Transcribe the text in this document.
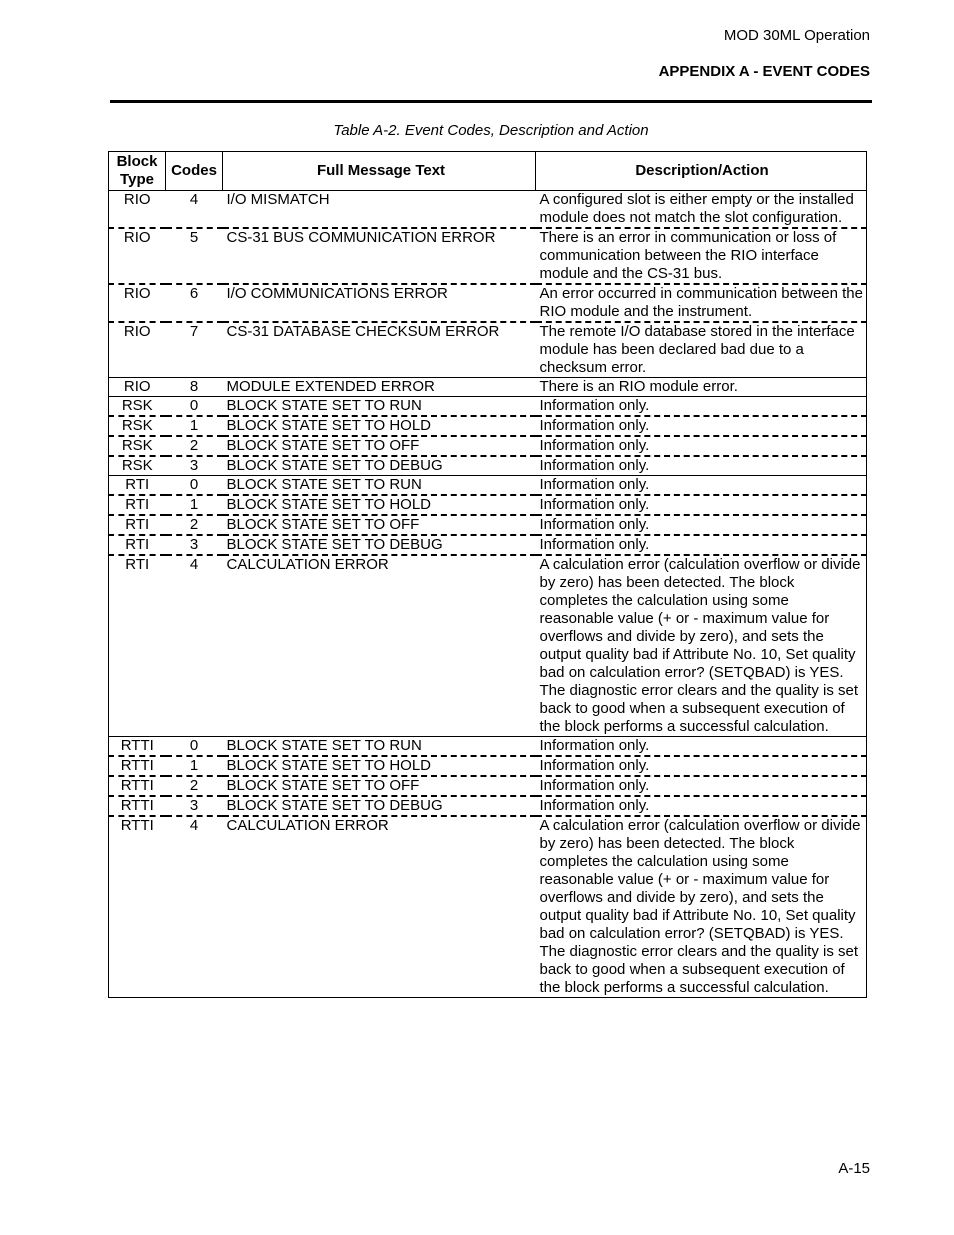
MOD 30ML Operation
APPENDIX A - EVENT CODES
Table A-2. Event Codes, Description and Action
Block
Type	Codes	Full Message Text	Description/Action
RIO	4	I/O MISMATCH	A configured slot is either empty or the installed module does not match the slot configuration.
RIO	5	CS-31 BUS COMMUNICATION ERROR	There is an error in communication or loss of communication between the RIO interface module and the CS-31 bus.
RIO	6	I/O COMMUNICATIONS ERROR	An error occurred in communication between the RIO module and the instrument.
RIO	7	CS-31 DATABASE CHECKSUM ERROR	The remote I/O database stored in the interface module has been declared bad due to a checksum error.
RIO	8	MODULE EXTENDED ERROR	There is an RIO module error.
RSK	0	BLOCK STATE SET TO RUN	Information only.
RSK	1	BLOCK STATE SET TO HOLD	Information only.
RSK	2	BLOCK STATE SET TO OFF	Information only.
RSK	3	BLOCK STATE SET TO DEBUG	Information only.
RTI	0	BLOCK STATE SET TO RUN	Information only.
RTI	1	BLOCK STATE SET TO HOLD	Information only.
RTI	2	BLOCK STATE SET TO OFF	Information only.
RTI	3	BLOCK STATE SET TO DEBUG	Information only.
RTI	4	CALCULATION ERROR	A calculation error (calculation overflow or divide by zero) has been detected. The block completes the calculation using some reasonable value (+ or - maximum value for overflows and divide by zero), and sets the output quality bad if Attribute No. 10, Set quality bad on calculation error? (SETQBAD) is YES. The diagnostic error clears and the quality is set back to good when a subsequent execution of the block performs a successful calculation.
RTTI	0	BLOCK STATE SET TO RUN	Information only.
RTTI	1	BLOCK STATE SET TO HOLD	Information only.
RTTI	2	BLOCK STATE SET TO OFF	Information only.
RTTI	3	BLOCK STATE SET TO DEBUG	Information only.
RTTI	4	CALCULATION ERROR	A calculation error (calculation overflow or divide by zero) has been detected. The block completes the calculation using some reasonable value (+ or - maximum value for overflows and divide by zero), and sets the output quality bad if Attribute No. 10, Set quality bad on calculation error? (SETQBAD) is YES. The diagnostic error clears and the quality is set back to good when a subsequent execution of the block performs a successful calculation.
A-15
